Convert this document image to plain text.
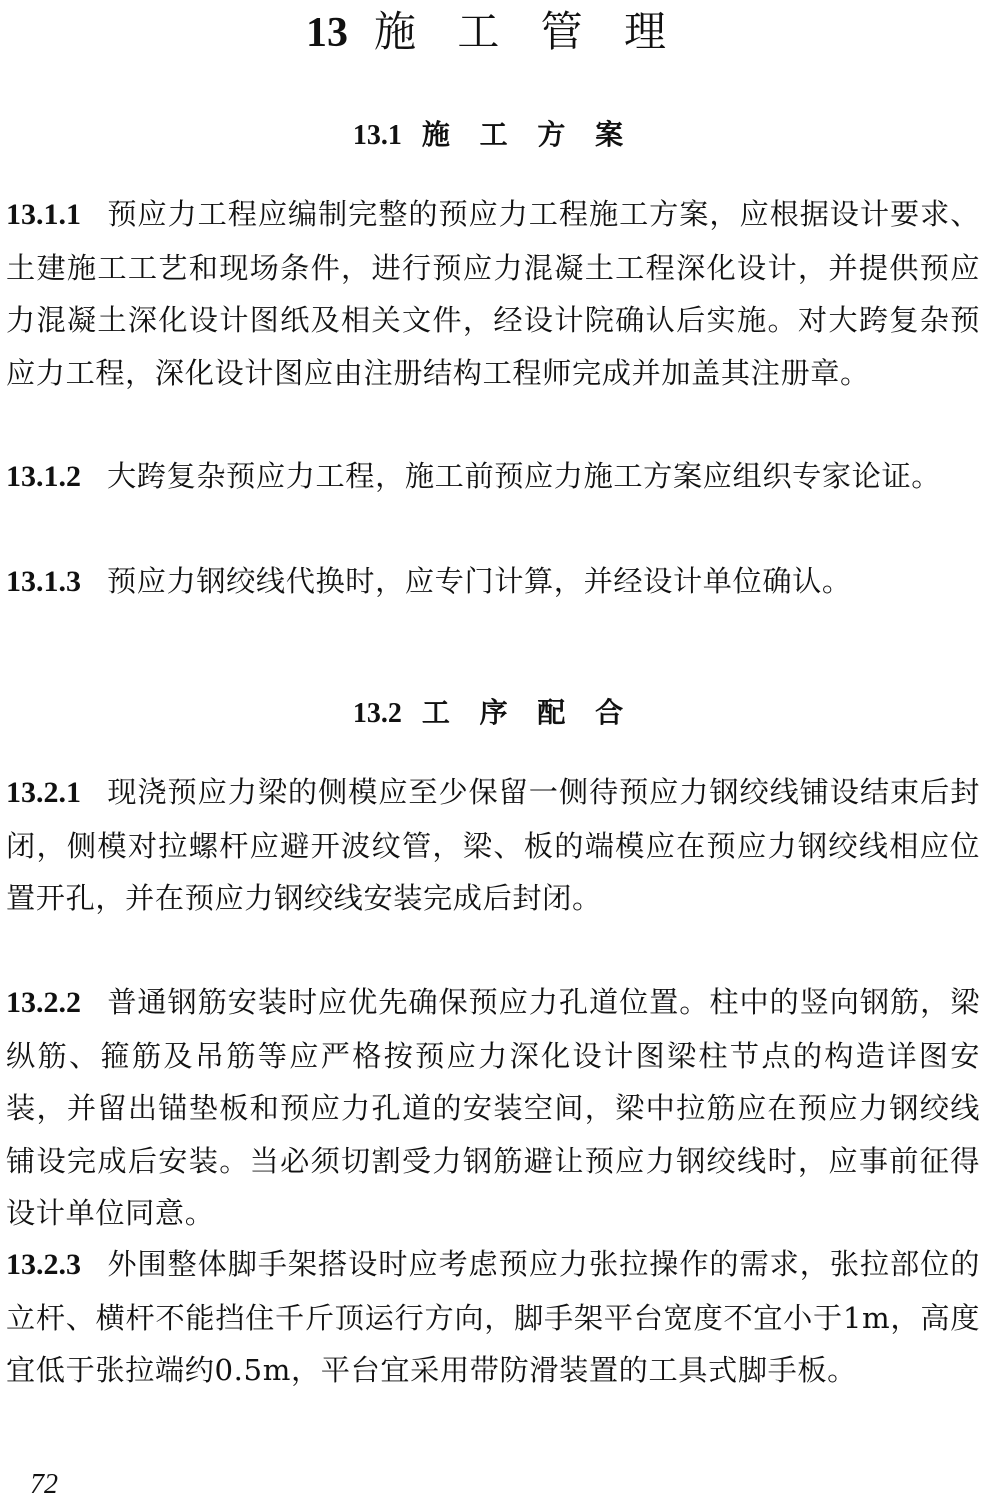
13 施 工 管 理
13.1 施 工 方 案
13.1.1 预应力工程应编制完整的预应力工程施工方案，应根据设计要求、土建施工工艺和现场条件，进行预应力混凝土工程深化设计，并提供预应力混凝土深化设计图纸及相关文件，经设计院确认后实施。对大跨复杂预应力工程，深化设计图应由注册结构工程师完成并加盖其注册章。
13.1.2 大跨复杂预应力工程，施工前预应力施工方案应组织专家论证。
13.1.3 预应力钢绞线代换时，应专门计算，并经设计单位确认。
13.2 工 序 配 合
13.2.1 现浇预应力梁的侧模应至少保留一侧待预应力钢绞线铺设结束后封闭，侧模对拉螺杆应避开波纹管，梁、板的端模应在预应力钢绞线相应位置开孔，并在预应力钢绞线安装完成后封闭。
13.2.2 普通钢筋安装时应优先确保预应力孔道位置。柱中的竖向钢筋，梁纵筋、箍筋及吊筋等应严格按预应力深化设计图梁柱节点的构造详图安装，并留出锚垫板和预应力孔道的安装空间，梁中拉筋应在预应力钢绞线铺设完成后安装。当必须切割受力钢筋避让预应力钢绞线时，应事前征得设计单位同意。
13.2.3 外围整体脚手架搭设时应考虑预应力张拉操作的需求，张拉部位的立杆、横杆不能挡住千斤顶运行方向，脚手架平台宽度不宜小于1m，高度宜低于张拉端约0.5m，平台宜采用带防滑装置的工具式脚手板。
72
